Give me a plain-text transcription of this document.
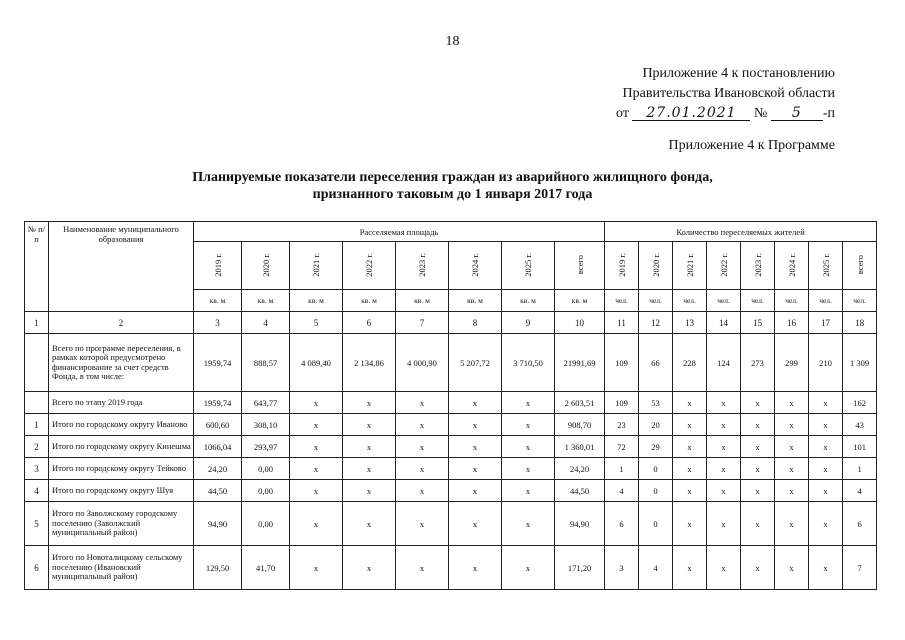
18
Приложение 4 к постановлению
Правительства Ивановской области
от 27.01.2021 № 5 -п
Приложение 4 к Программе
Планируемые показатели переселения граждан из аварийного жилищного фонда,
признанного таковым до 1 января 2017 года
№ п/п	Наименование муниципального образования	Расселяемая площадь								Количество переселяемых жителей							
		2019 г.	2020 г.	2021 г.	2022 г.	2023 г.	2024 г.	2025 г.	всего	2019 г.	2020 г.	2021 г.	2022 г.	2023 г.	2024 г.	2025 г.	всего
		кв. м	кв. м	кв. м	кв. м	кв. м	кв. м	кв. м	кв. м	чел.	чел.	чел.	чел.	чел.	чел.	чел.	чел.
1	2	3	4	5	6	7	8	9	10	11	12	13	14	15	16	17	18
	Всего по программе переселения, в рамках которой предусмотрено финансирование за счет средств Фонда, в том числе:	1959,74	888,57	4 089,40	2 134,86	4 000,90	5 207,72	3 710,50	21991,69	109	66	228	124	273	299	210	1 309
	Всего по этапу 2019 года	1959,74	643,77	x	x	x	x	x	2 603,51	109	53	x	x	x	x	x	162
1	Итого по городскому округу Иваново	600,60	308,10	x	x	x	x	x	908,70	23	20	x	x	x	x	x	43
2	Итого по городскому округу Кинешма	1066,04	293,97	x	x	x	x	x	1 360,01	72	29	x	x	x	x	x	101
3	Итого по городскому округу Тейково	24,20	0,00	x	x	x	x	x	24,20	1	0	x	x	x	x	x	1
4	Итого по городскому округу Шуя	44,50	0,00	x	x	x	x	x	44,50	4	0	x	x	x	x	x	4
5	Итого по Заволжскому городскому поселению (Заволжский муниципальный район)	94,90	0,00	x	x	x	x	x	94,90	6	0	x	x	x	x	x	6
6	Итого по Новоталицкому сельскому поселению (Ивановский муниципальный район)	129,50	41,70	x	x	x	x	x	171,20	3	4	x	x	x	x	x	7
